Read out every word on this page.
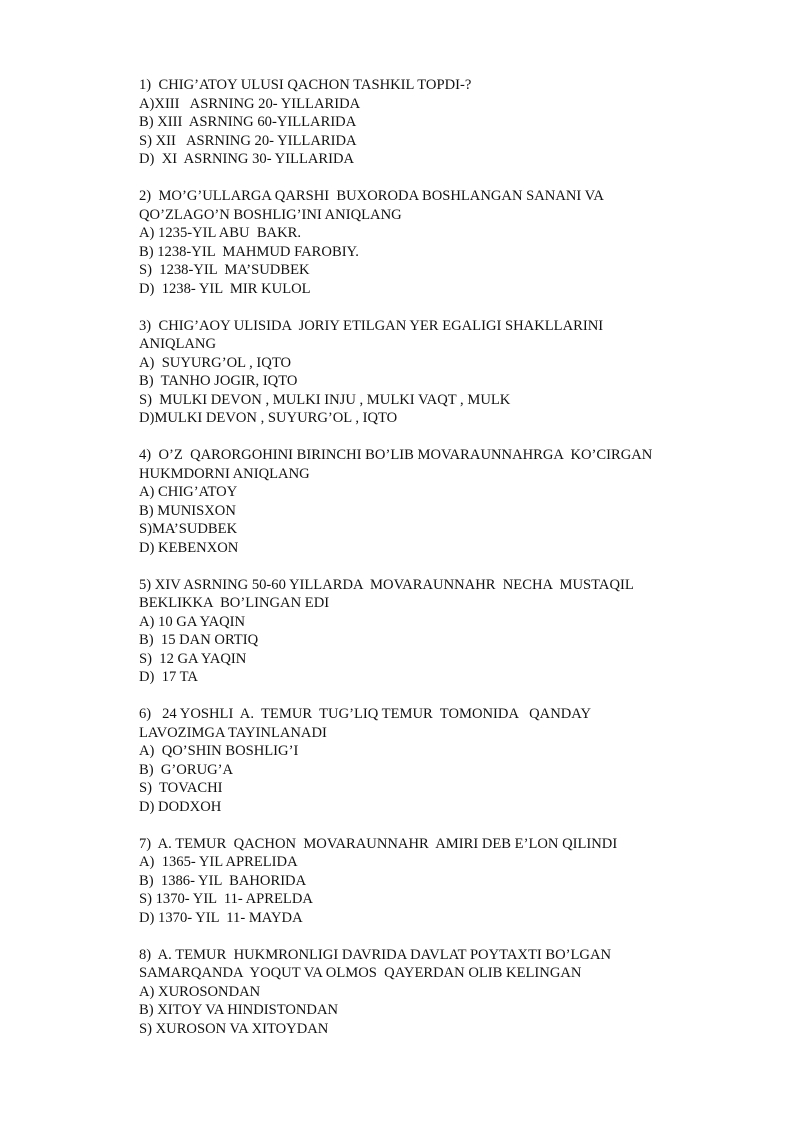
1)  CHIG’ATOY ULUSI QACHON TASHKIL TOPDI-?
A)XIII   ASRNING 20- YILLARIDA
B) XIII  ASRNING 60-YILLARIDA
S) XII   ASRNING 20- YILLARIDA
D)  XI  ASRNING 30- YILLARIDA
2)  MO’G’ULLARGA QARSHI  BUXORODA BOSHLANGAN SANANI VA
QO’ZLAGO’N BOSHLIG’INI ANIQLANG
A) 1235-YIL ABU  BAKR.
B) 1238-YIL  MAHMUD FAROBIY.
S)  1238-YIL  MA’SUDBEK
D)  1238- YIL  MIR KULOL
3)  CHIG’AOY ULISIDA  JORIY ETILGAN YER EGALIGI SHAKLLARINI
ANIQLANG
A)  SUYURG’OL , IQTO
B)  TANHO JOGIR, IQTO
S)  MULKI DEVON , MULKI INJU , MULKI VAQT , MULK
D)MULKI DEVON , SUYURG’OL , IQTO
4)  O’Z  QARORGOHINI BIRINCHI BO’LIB MOVARAUNNAHRGA  KO’CIRGAN
HUKMDORNI ANIQLANG
A) CHIG’ATOY
B) MUNISXON
S)MA’SUDBEK
D) KEBENXON
5) XIV ASRNING 50-60 YILLARDA  MOVARAUNNAHR  NECHA  MUSTAQIL
BEKLIKKA  BO’LINGAN EDI
A) 10 GA YAQIN
B)  15 DAN ORTIQ
S)  12 GA YAQIN
D)  17 TA
6)   24 YOSHLI  A.  TEMUR  TUG’LIQ TEMUR  TOMONIDA   QANDAY
LAVOZIMGA TAYINLANADI
A)  QO’SHIN BOSHLIG’I
B)  G’ORUG’A
S)  TOVACHI
D) DODXOH
7)  A. TEMUR  QACHON  MOVARAUNNAHR  AMIRI DEB E’LON QILINDI
A)  1365- YIL APRELIDA
B)  1386- YIL  BAHORIDA
S) 1370- YIL  11- APRELDA
D) 1370- YIL  11- MAYDA
8)  A. TEMUR  HUKMRONLIGI DAVRIDA DAVLAT POYTAXTI BO’LGAN
SAMARQANDA  YOQUT VA OLMOS  QAYERDAN OLIB KELINGAN
A) XUROSONDAN
B) XITOY VA HINDISTONDAN
S) XUROSON VA XITOYDAN
